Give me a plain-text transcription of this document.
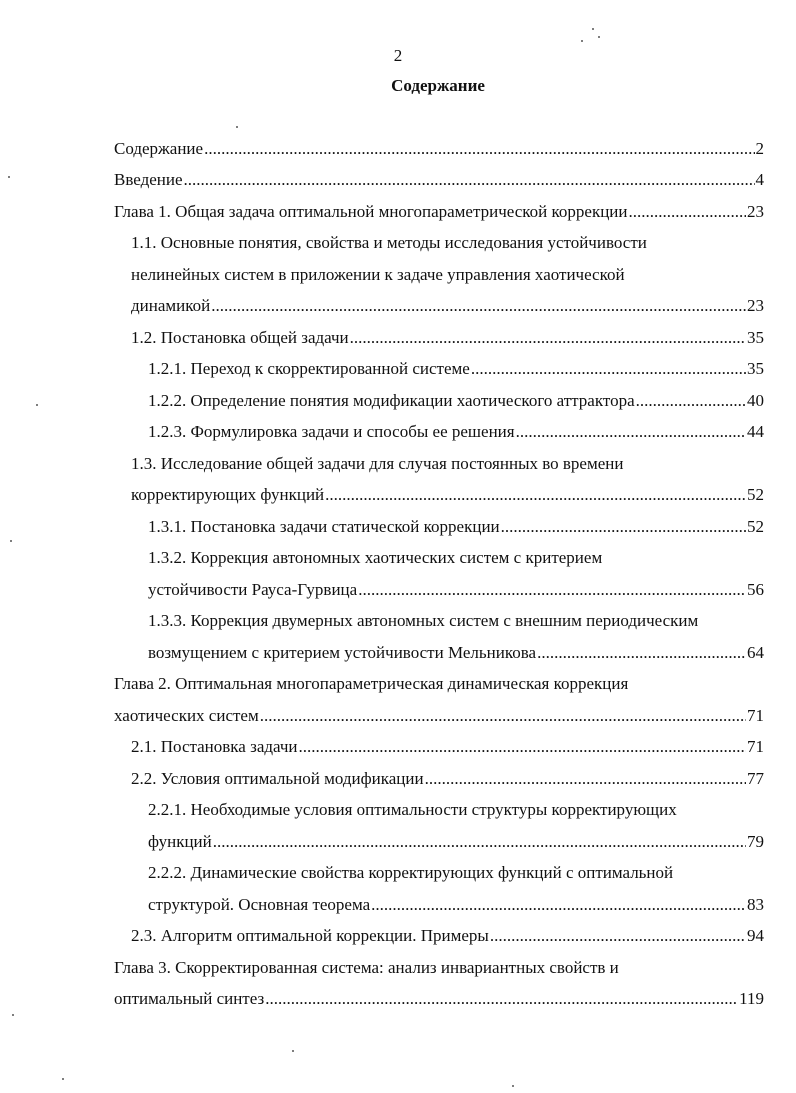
2
Содержание
Содержание .....	2
Введение .....	4
Глава 1. Общая задача оптимальной многопараметрической коррекции .....	23
1.1. Основные понятия, свойства и методы исследования устойчивости
нелинейных систем в приложении к задаче управления хаотической
динамикой .....	23
1.2. Постановка общей задачи .....	35
1.2.1. Переход к скорректированной системе .....	35
1.2.2. Определение понятия модификации хаотического аттрактора .....	40
1.2.3. Формулировка задачи и способы ее решения .....	44
1.3. Исследование общей задачи для случая постоянных во времени
корректирующих функций .....	52
1.3.1. Постановка задачи статической коррекции .....	52
1.3.2. Коррекция автономных хаотических систем с критерием
устойчивости Рауса-Гурвица .....	56
1.3.3. Коррекция двумерных автономных систем с внешним периодическим
возмущением с критерием устойчивости Мельникова .....	64
Глава 2. Оптимальная многопараметрическая динамическая коррекция
хаотических систем .....	71
2.1. Постановка задачи .....	71
2.2. Условия оптимальной модификации .....	77
2.2.1. Необходимые условия оптимальности структуры корректирующих
функций .....	79
2.2.2. Динамические свойства корректирующих функций с оптимальной
структурой. Основная теорема .....	83
2.3. Алгоритм оптимальной коррекции. Примеры .....	94
Глава 3. Скорректированная система: анализ инвариантных свойств и
оптимальный синтез .....	119
